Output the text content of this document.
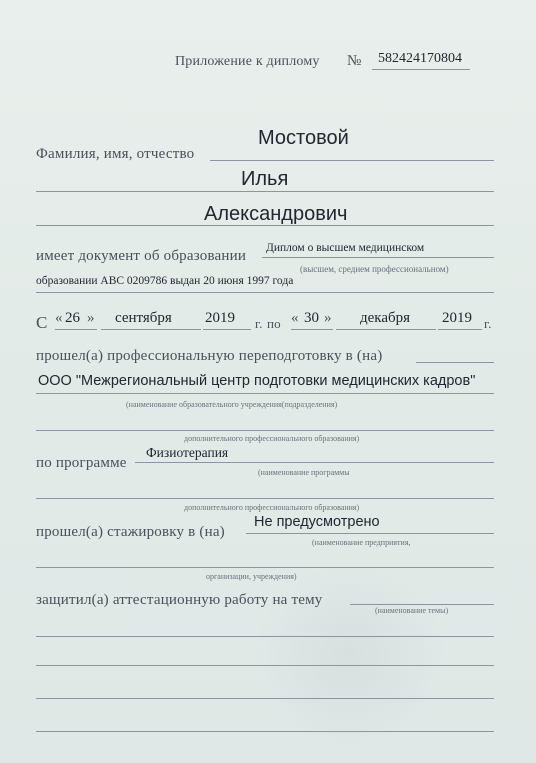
Приложение к диплому № 582424170804
Фамилия, имя, отчество
Мостовой
Илья
Александрович
имеет документ об образовании Диплом о высшем медицинском
(высшем, среднем профессиональном)
образовании АВС 0209786 выдан 20 июня 1997 года
С « 26 » сентября 2019 г. по « 30 » декабря 2019 г.
прошел(а) профессиональную переподготовку в (на)
ООО "Межрегиональный центр подготовки медицинских кадров"
(наименование образовательного учреждения(подразделения)
дополнительного профессионального образования)
по программе
Физиотерапия
(наименование программы
дополнительного профессионального образования)
прошел(а) стажировку в (на)
Не предусмотрено
(наименование предприятия,
организации, учреждения)
защитил(а) аттестационную работу на тему
(наименование темы)
